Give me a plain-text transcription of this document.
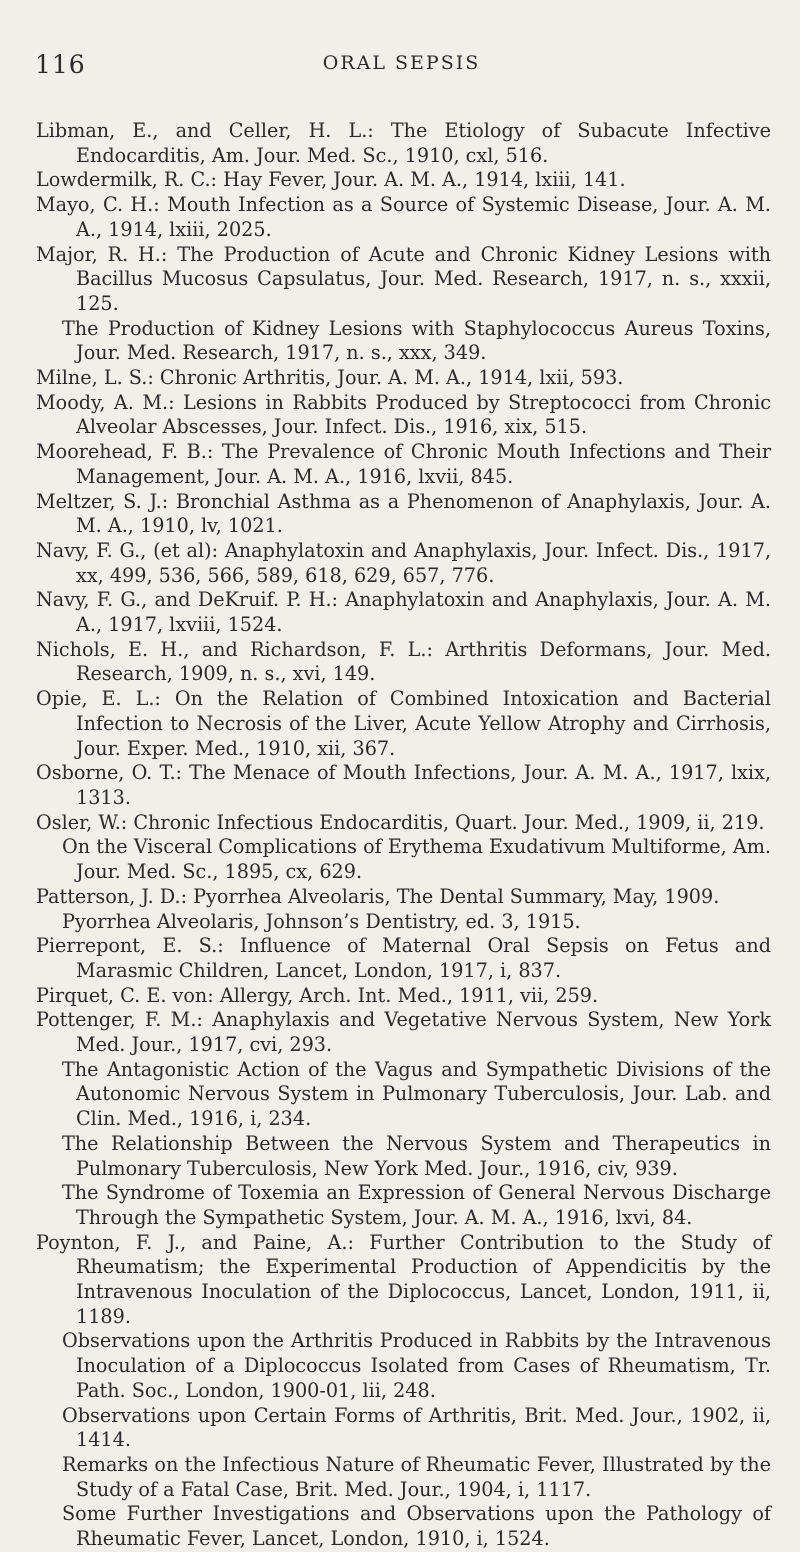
116	ORAL SEPSIS

Libman, E., and Celler, H. L.: The Etiology of Subacute Infective Endocarditis, Am. Jour. Med. Sc., 1910, cxl, 516.

Lowdermilk, R. C.: Hay Fever, Jour. A. M. A., 1914, lxiii, 141.

Mayo, C. H.: Mouth Infection as a Source of Systemic Disease, Jour. A. M. A., 1914, lxiii, 2025.

Major, R. H.: The Production of Acute and Chronic Kidney Lesions with Bacillus Mucosus Capsulatus, Jour. Med. Research, 1917, n. s., xxxii, 125.

The Production of Kidney Lesions with Staphylococcus Aureus Toxins, Jour. Med. Research, 1917, n. s., xxx, 349.

Milne, L. S.: Chronic Arthritis, Jour. A. M. A., 1914, lxii, 593.

Moody, A. M.: Lesions in Rabbits Produced by Streptococci from Chronic Alveolar Abscesses, Jour. Infect. Dis., 1916, xix, 515.

Moorehead, F. B.: The Prevalence of Chronic Mouth Infections and Their Management, Jour. A. M. A., 1916, lxvii, 845.

Meltzer, S. J.: Bronchial Asthma as a Phenomenon of Anaphylaxis, Jour. A. M. A., 1910, lv, 1021.

Navy, F. G., (et al): Anaphylatoxin and Anaphylaxis, Jour. Infect. Dis., 1917, xx, 499, 536, 566, 589, 618, 629, 657, 776.

Navy, F. G., and DeKruif. P. H.: Anaphylatoxin and Anaphylaxis, Jour. A. M. A., 1917, lxviii, 1524.

Nichols, E. H., and Richardson, F. L.: Arthritis Deformans, Jour. Med. Research, 1909, n. s., xvi, 149.

Opie, E. L.: On the Relation of Combined Intoxication and Bacterial Infection to Necrosis of the Liver, Acute Yellow Atrophy and Cirrhosis, Jour. Exper. Med., 1910, xii, 367.

Osborne, O. T.: The Menace of Mouth Infections, Jour. A. M. A., 1917, lxix, 1313.

Osler, W.: Chronic Infectious Endocarditis, Quart. Jour. Med., 1909, ii, 219.

On the Visceral Complications of Erythema Exudativum Multiforme, Am. Jour. Med. Sc., 1895, cx, 629.

Patterson, J. D.: Pyorrhea Alveolaris, The Dental Summary, May, 1909.

Pyorrhea Alveolaris, Johnson’s Dentistry, ed. 3, 1915.

Pierrepont, E. S.: Influence of Maternal Oral Sepsis on Fetus and Marasmic Children, Lancet, London, 1917, i, 837.

Pirquet, C. E. von: Allergy, Arch. Int. Med., 1911, vii, 259.

Pottenger, F. M.: Anaphylaxis and Vegetative Nervous System, New York Med. Jour., 1917, cvi, 293.

The Antagonistic Action of the Vagus and Sympathetic Divisions of the Autonomic Nervous System in Pulmonary Tuberculosis, Jour. Lab. and Clin. Med., 1916, i, 234.

The Relationship Between the Nervous System and Therapeutics in Pulmonary Tuberculosis, New York Med. Jour., 1916, civ, 939.

The Syndrome of Toxemia an Expression of General Nervous Discharge Through the Sympathetic System, Jour. A. M. A., 1916, lxvi, 84.

Poynton, F. J., and Paine, A.: Further Contribution to the Study of Rheumatism; the Experimental Production of Appendicitis by the Intravenous Inoculation of the Diplococcus, Lancet, London, 1911, ii, 1189.

Observations upon the Arthritis Produced in Rabbits by the Intravenous Inoculation of a Diplococcus Isolated from Cases of Rheumatism, Tr. Path. Soc., London, 1900-01, lii, 248.

Observations upon Certain Forms of Arthritis, Brit. Med. Jour., 1902, ii, 1414.

Remarks on the Infectious Nature of Rheumatic Fever, Illustrated by the Study of a Fatal Case, Brit. Med. Jour., 1904, i, 1117.

Some Further Investigations and Observations upon the Pathology of Rheumatic Fever, Lancet, London, 1910, i, 1524.
